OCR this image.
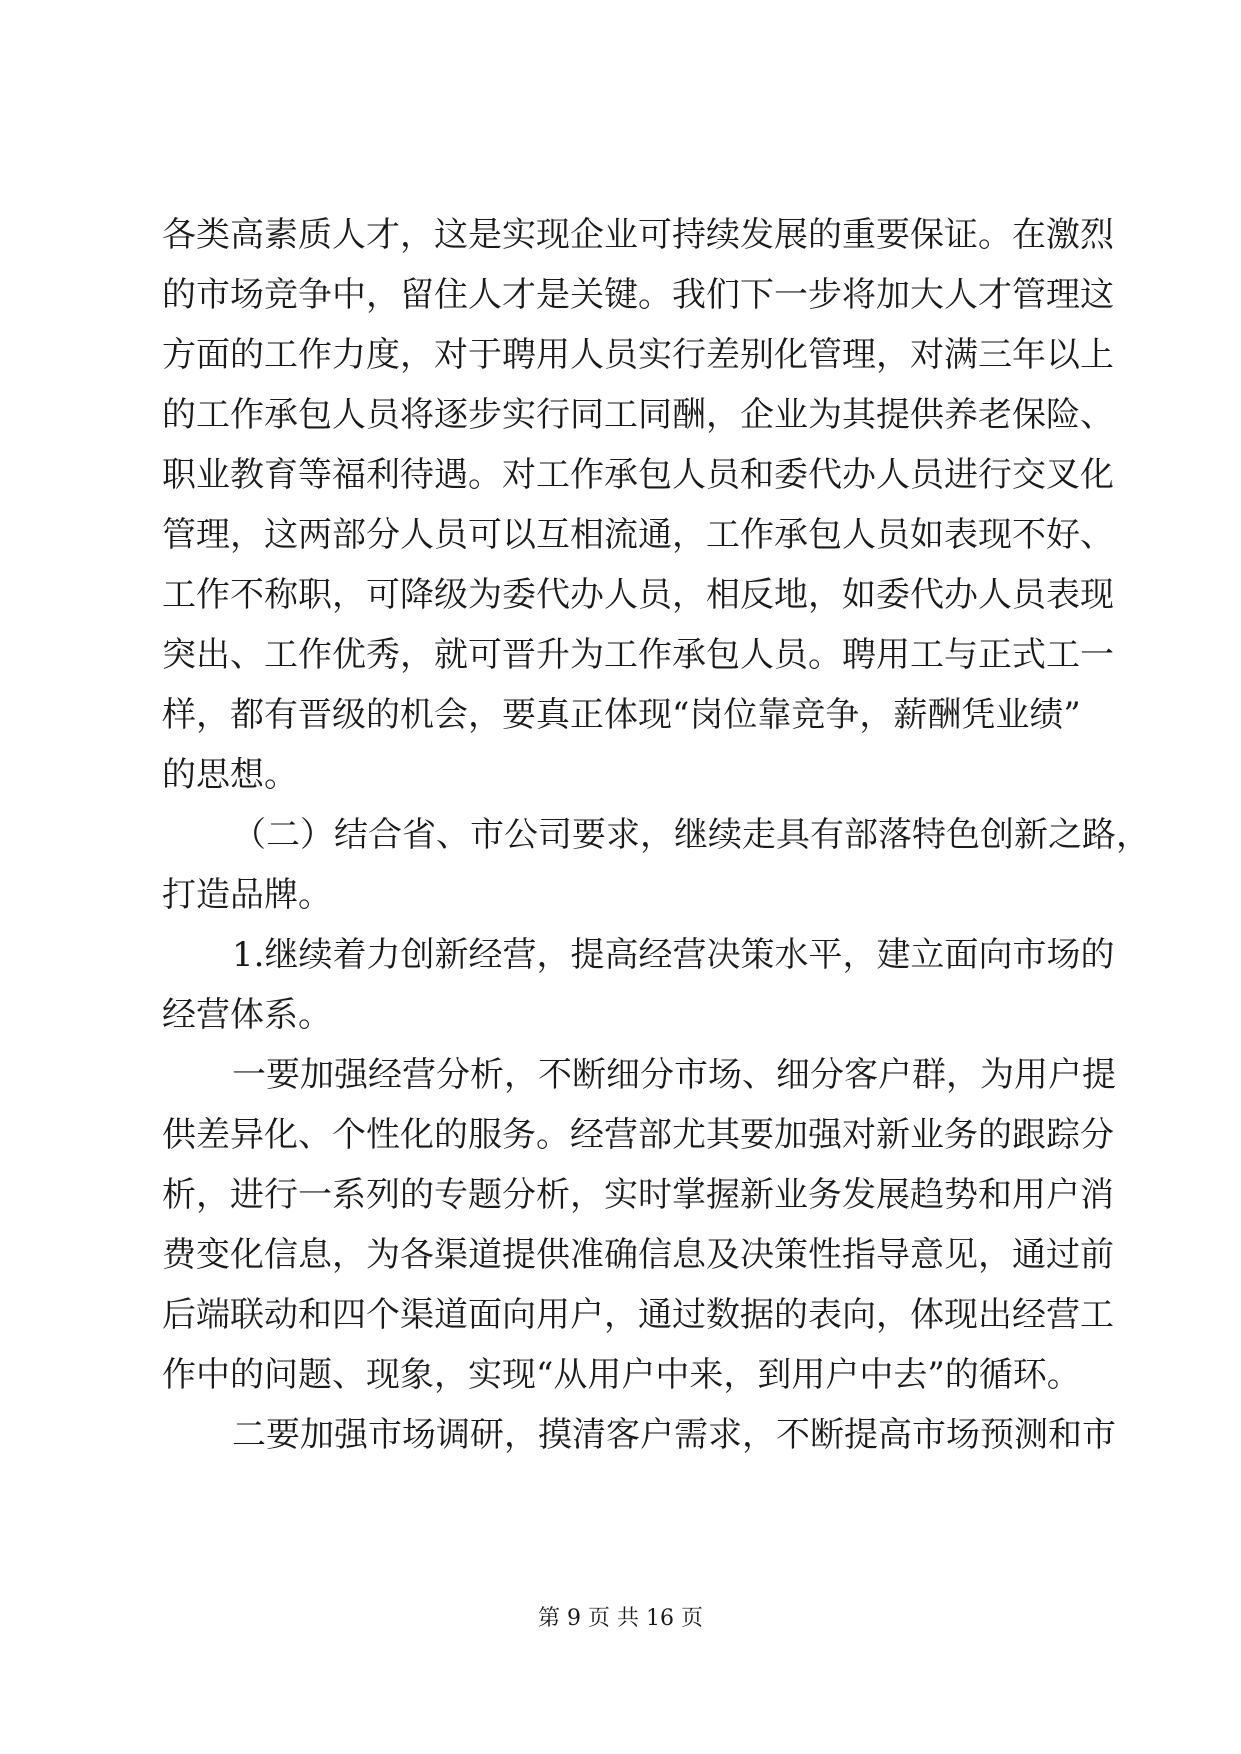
各类高素质人才，这是实现企业可持续发展的重要保证。在激烈
的市场竞争中，留住人才是关键。我们下一步将加大人才管理这
方面的工作力度，对于聘用人员实行差别化管理，对满三年以上
的工作承包人员将逐步实行同工同酬，企业为其提供养老保险、
职业教育等福利待遇。对工作承包人员和委代办人员进行交叉化
管理，这两部分人员可以互相流通，工作承包人员如表现不好、
工作不称职，可降级为委代办人员，相反地，如委代办人员表现
突出、工作优秀，就可晋升为工作承包人员。聘用工与正式工一
样，都有晋级的机会，要真正体现“岗位靠竞争，薪酬凭业绩”
的思想。
（二）结合省、市公司要求，继续走具有部落特色创新之路，
打造品牌。
1.继续着力创新经营，提高经营决策水平，建立面向市场的
经营体系。
一要加强经营分析，不断细分市场、细分客户群，为用户提
供差异化、个性化的服务。经营部尤其要加强对新业务的跟踪分
析，进行一系列的专题分析，实时掌握新业务发展趋势和用户消
费变化信息，为各渠道提供准确信息及决策性指导意见，通过前
后端联动和四个渠道面向用户，通过数据的表向，体现出经营工
作中的问题、现象，实现“从用户中来，到用户中去”的循环。
二要加强市场调研，摸清客户需求，不断提高市场预测和市
第 9 页 共 16 页
